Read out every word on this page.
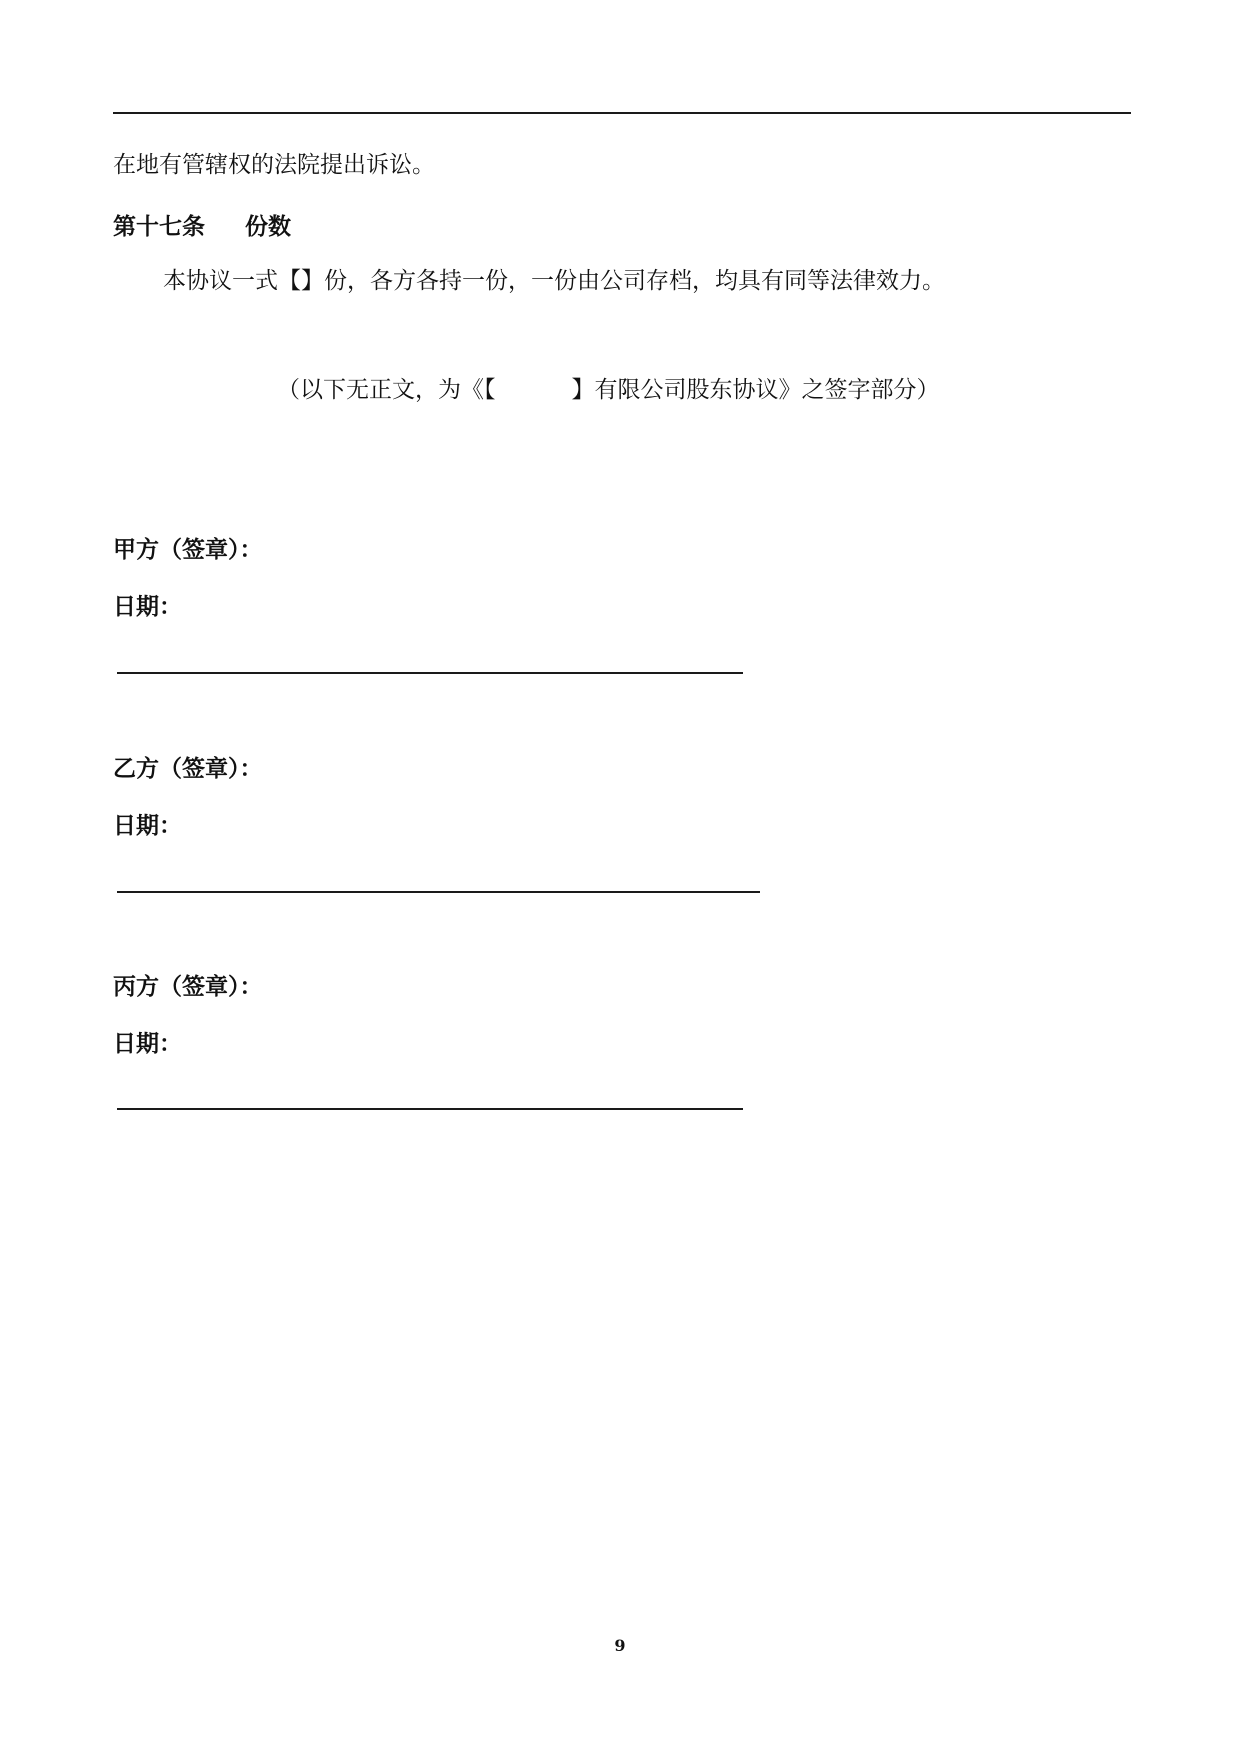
在地有管辖权的法院提出诉讼。
第十七条 份数
本协议一式【】份，各方各持一份，一份由公司存档，均具有同等法律效力。
（以下无正文，为《【	】有限公司股东协议》之签字部分）
甲方（签章）：
日期：
乙方（签章）：
日期：
丙方（签章）：
日期：
9
